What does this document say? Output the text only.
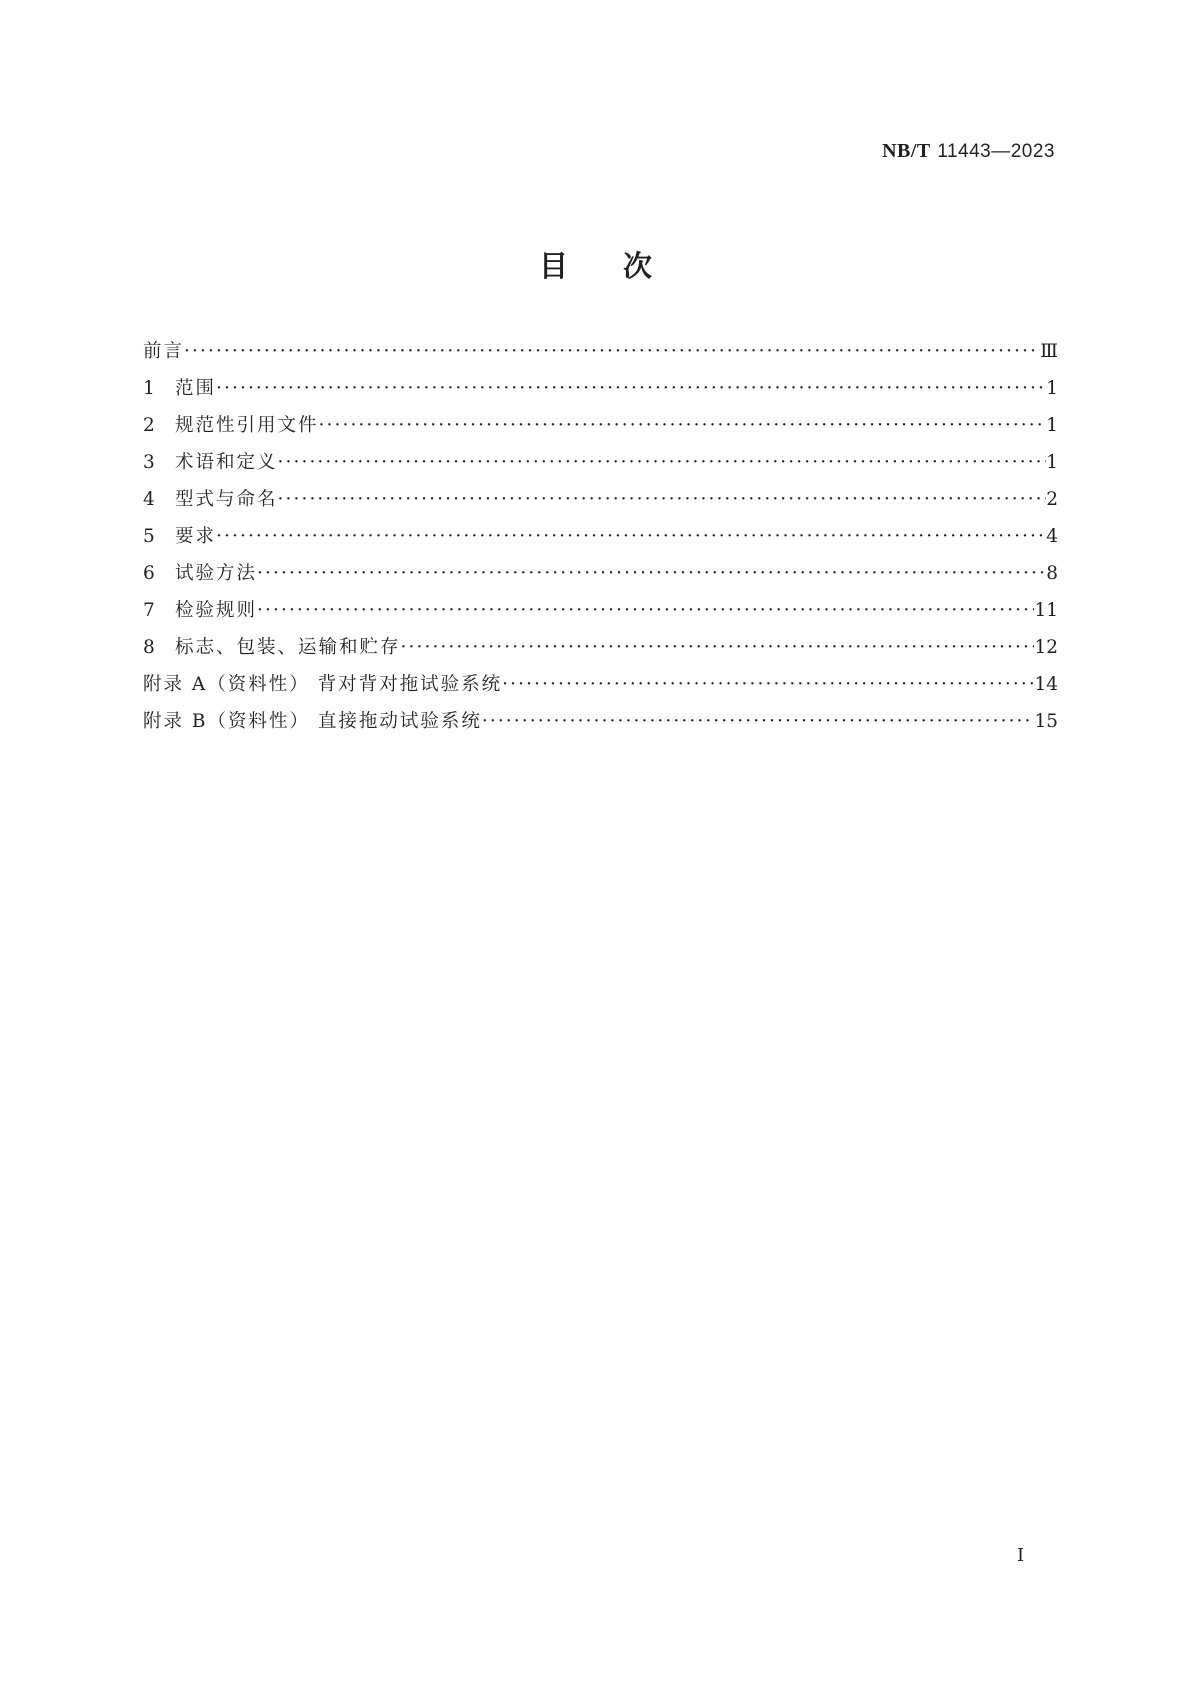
NB/T 11443—2023
目次
前言 ·····	Ⅲ
1 范围 ·····	1
2 规范性引用文件 ·····	1
3 术语和定义 ·····	1
4 型式与命名 ·····	2
5 要求 ·····	4
6 试验方法 ·····	8
7 检验规则 ·····	11
8 标志、包装、运输和贮存 ·····	12
附录 A（资料性） 背对背对拖试验系统 ·····	14
附录 B（资料性） 直接拖动试验系统 ·····	15
I
